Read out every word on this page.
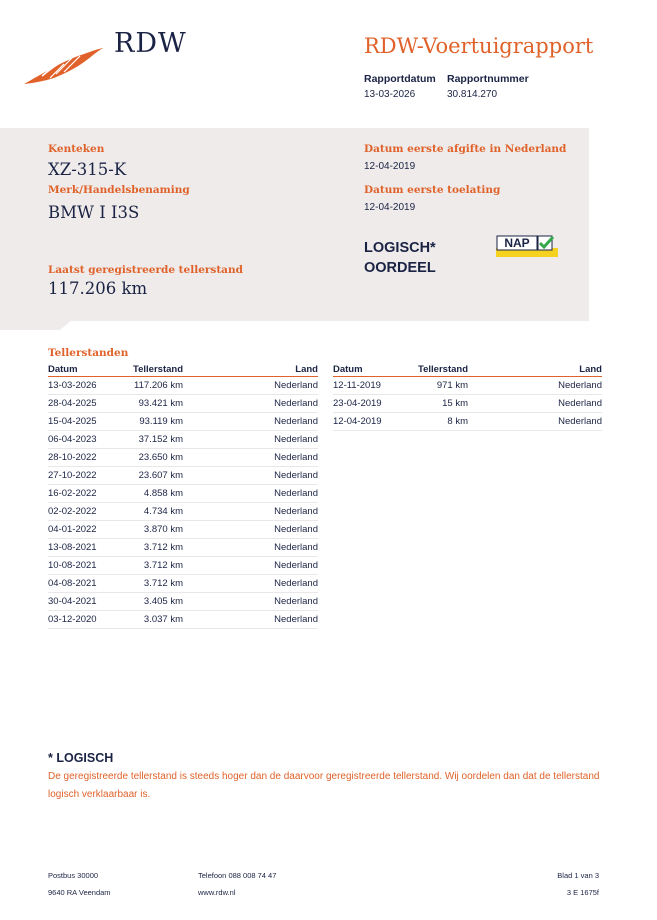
RDW	RDW-Voertuigrapport
Rapportdatum Rapportnummer
13-03-2026	30.814.270
Kenteken
XZ-315-K
Merk/Handelsbenaming
BMW I I3S
Laatst geregistreerde tellerstand
117.206 km
Datum eerste afgifte in Nederland
12-04-2019
Datum eerste toelating
12-04-2019
LOGISCH*
OORDEEL
NAP
Tellerstanden
Datum	Tellerstand	Land
13-03-2026	117.206 km	Nederland
28-04-2025	93.421 km	Nederland
15-04-2025	93.119 km	Nederland
06-04-2023	37.152 km	Nederland
28-10-2022	23.650 km	Nederland
27-10-2022	23.607 km	Nederland
16-02-2022	4.858 km	Nederland
02-02-2022	4.734 km	Nederland
04-01-2022	3.870 km	Nederland
13-08-2021	3.712 km	Nederland
10-08-2021	3.712 km	Nederland
04-08-2021	3.712 km	Nederland
30-04-2021	3.405 km	Nederland
03-12-2020	3.037 km	Nederland
Datum	Tellerstand	Land
12-11-2019	971 km	Nederland
23-04-2019	15 km	Nederland
12-04-2019	8 km	Nederland
* LOGISCH
De geregistreerde tellerstand is steeds hoger dan de daarvoor geregistreerde tellerstand. Wij oordelen dan dat de tellerstand logisch verklaarbaar is.
Postbus 30000
9640 RA Veendam
Telefoon 088 008 74 47
www.rdw.nl
Blad 1 van 3
3 E 1675f
